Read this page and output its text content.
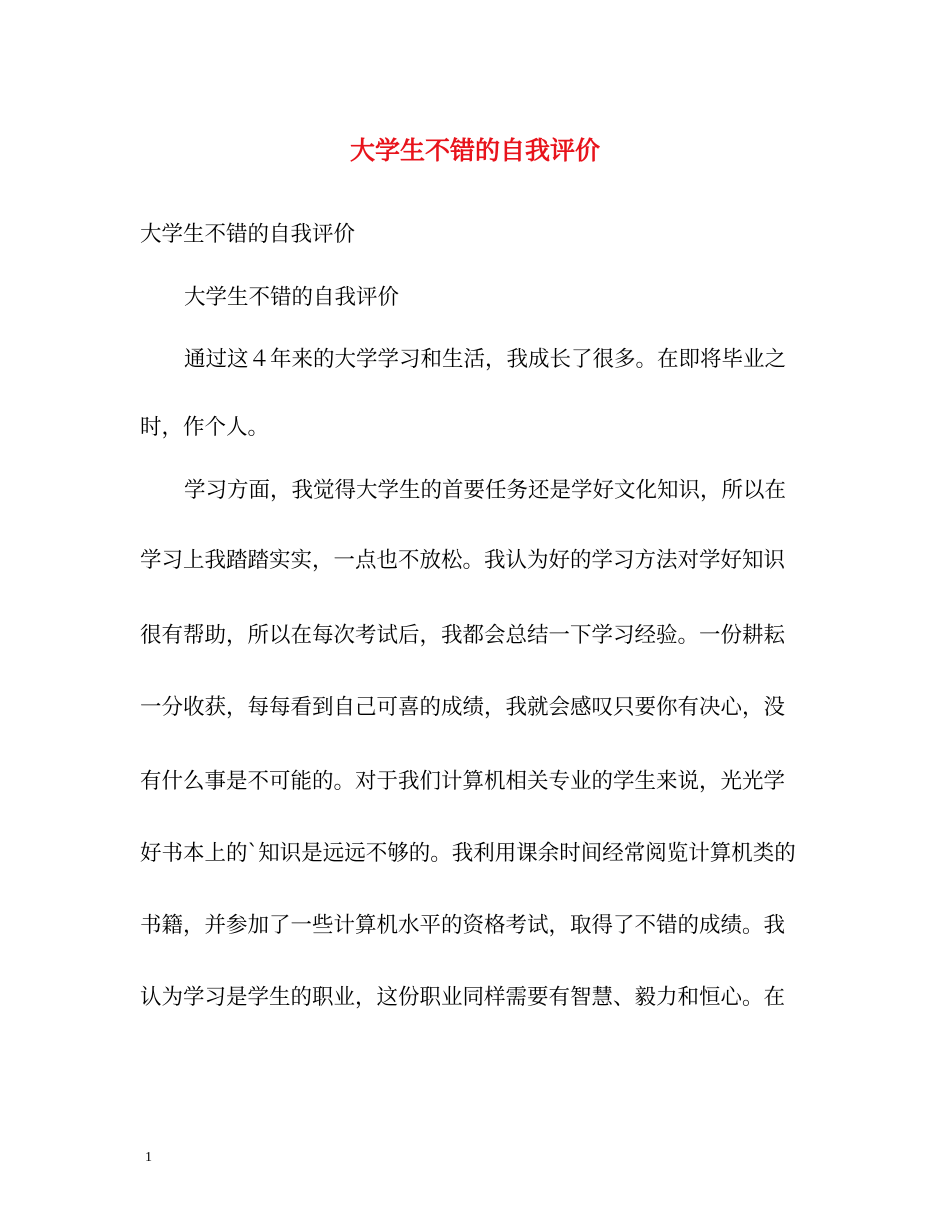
大学生不错的自我评价
大学生不错的自我评价
大学生不错的自我评价
通过这４年来的大学学习和生活，我成长了很多。在即将毕业之
时，作个人。
学习方面，我觉得大学生的首要任务还是学好文化知识，所以在
学习上我踏踏实实，一点也不放松。我认为好的学习方法对学好知识
很有帮助，所以在每次考试后，我都会总结一下学习经验。一份耕耘
一分收获，每每看到自己可喜的成绩，我就会感叹只要你有决心，没
有什么事是不可能的。对于我们计算机相关专业的学生来说，光光学
好书本上的`知识是远远不够的。我利用课余时间经常阅览计算机类的
书籍，并参加了一些计算机水平的资格考试，取得了不错的成绩。我
认为学习是学生的职业，这份职业同样需要有智慧、毅力和恒心。在
1
